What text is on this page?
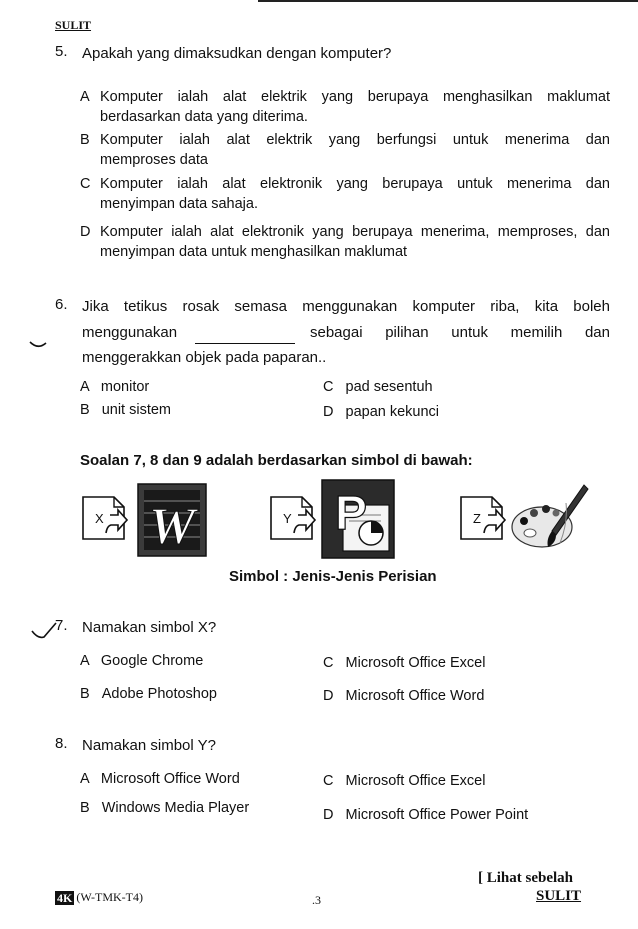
SULIT
5. Apakah yang dimaksudkan dengan komputer?
A Komputer ialah alat elektrik yang berupaya menghasilkan maklumat
berdasarkan data yang diterima.
B Komputer ialah alat elektrik yang berfungsi untuk menerima dan
memproses data
C Komputer ialah alat elektronik yang berupaya untuk menerima dan
menyimpan data sahaja.
D Komputer ialah alat elektronik yang berupaya menerima, memproses, dan
menyimpan data untuk menghasilkan maklumat
6. Jika tetikus rosak semasa menggunakan komputer riba, kita boleh
menggunakan	sebagai pilihan untuk memilih dan
menggerakkan objek pada paparan..
A monitor
B unit sistem
C pad sesentuh
D papan kekunci
Soalan 7, 8 dan 9 adalah berdasarkan simbol di bawah:
X W	Y P	Z
Simbol : Jenis-Jenis Perisian
7. Namakan simbol X?
A Google Chrome
B Adobe Photoshop
C Microsoft Office Excel
D Microsoft Office Word
8. Namakan simbol Y?
A Microsoft Office Word
B Windows Media Player
C Microsoft Office Excel
D Microsoft Office Power Point
[ Lihat sebelah
SULIT
4K (W-TMK-T4)	.3
